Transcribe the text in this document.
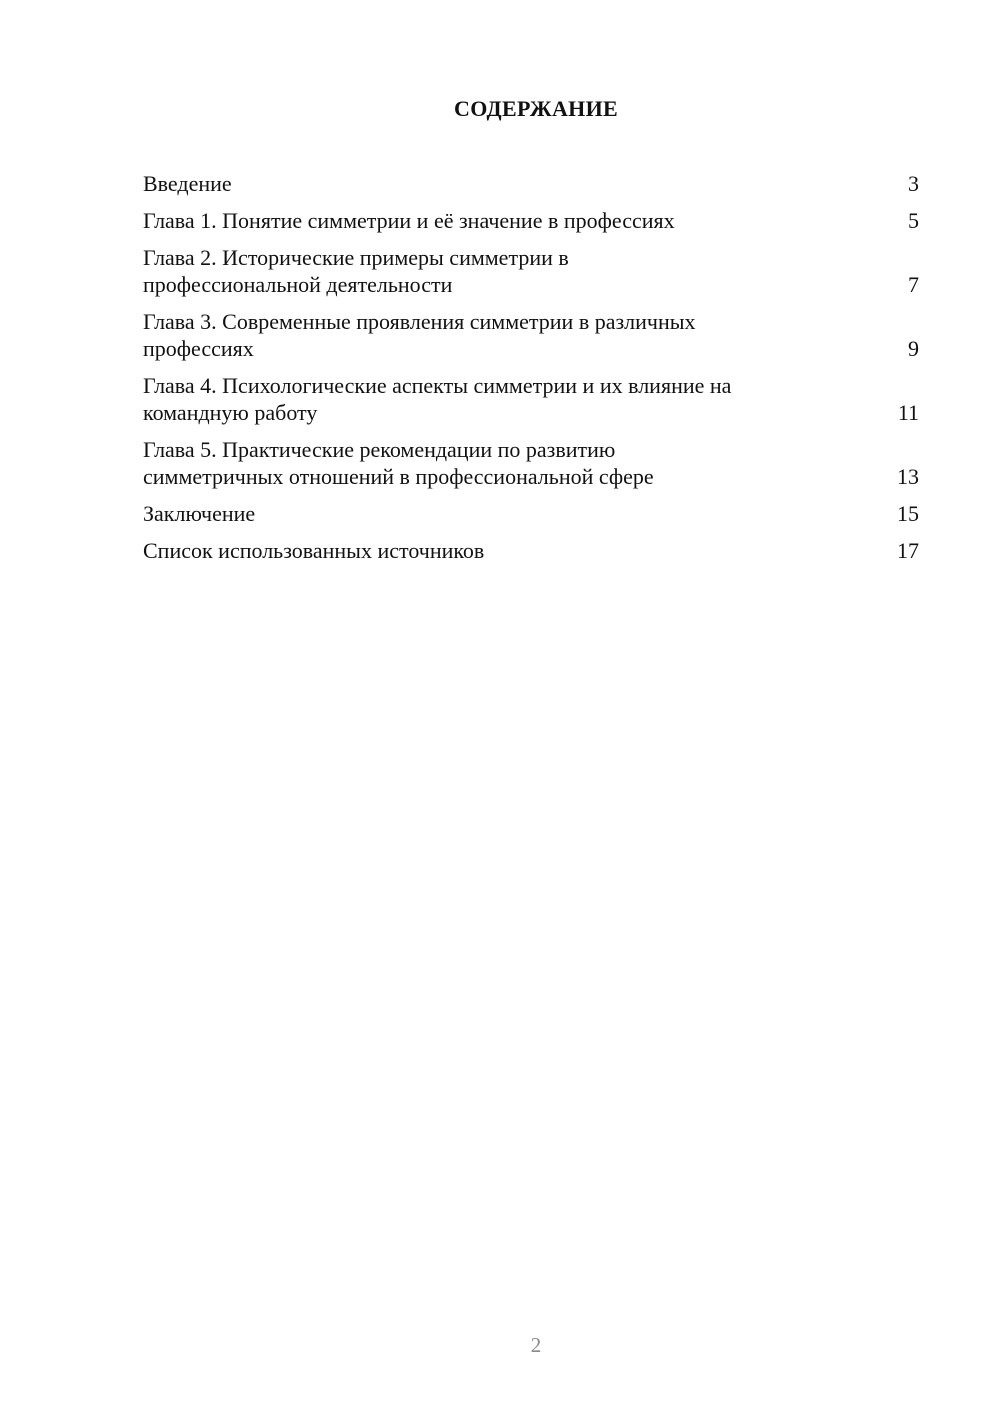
СОДЕРЖАНИЕ
Введение	3
Глава 1. Понятие симметрии и её значение в профессиях	5
Глава 2. Исторические примеры симметрии в профессиональной деятельности	7
Глава 3. Современные проявления симметрии в различных профессиях	9
Глава 4. Психологические аспекты симметрии и их влияние на командную работу	11
Глава 5. Практические рекомендации по развитию симметричных отношений в профессиональной сфере	13
Заключение	15
Список использованных источников	17
2
